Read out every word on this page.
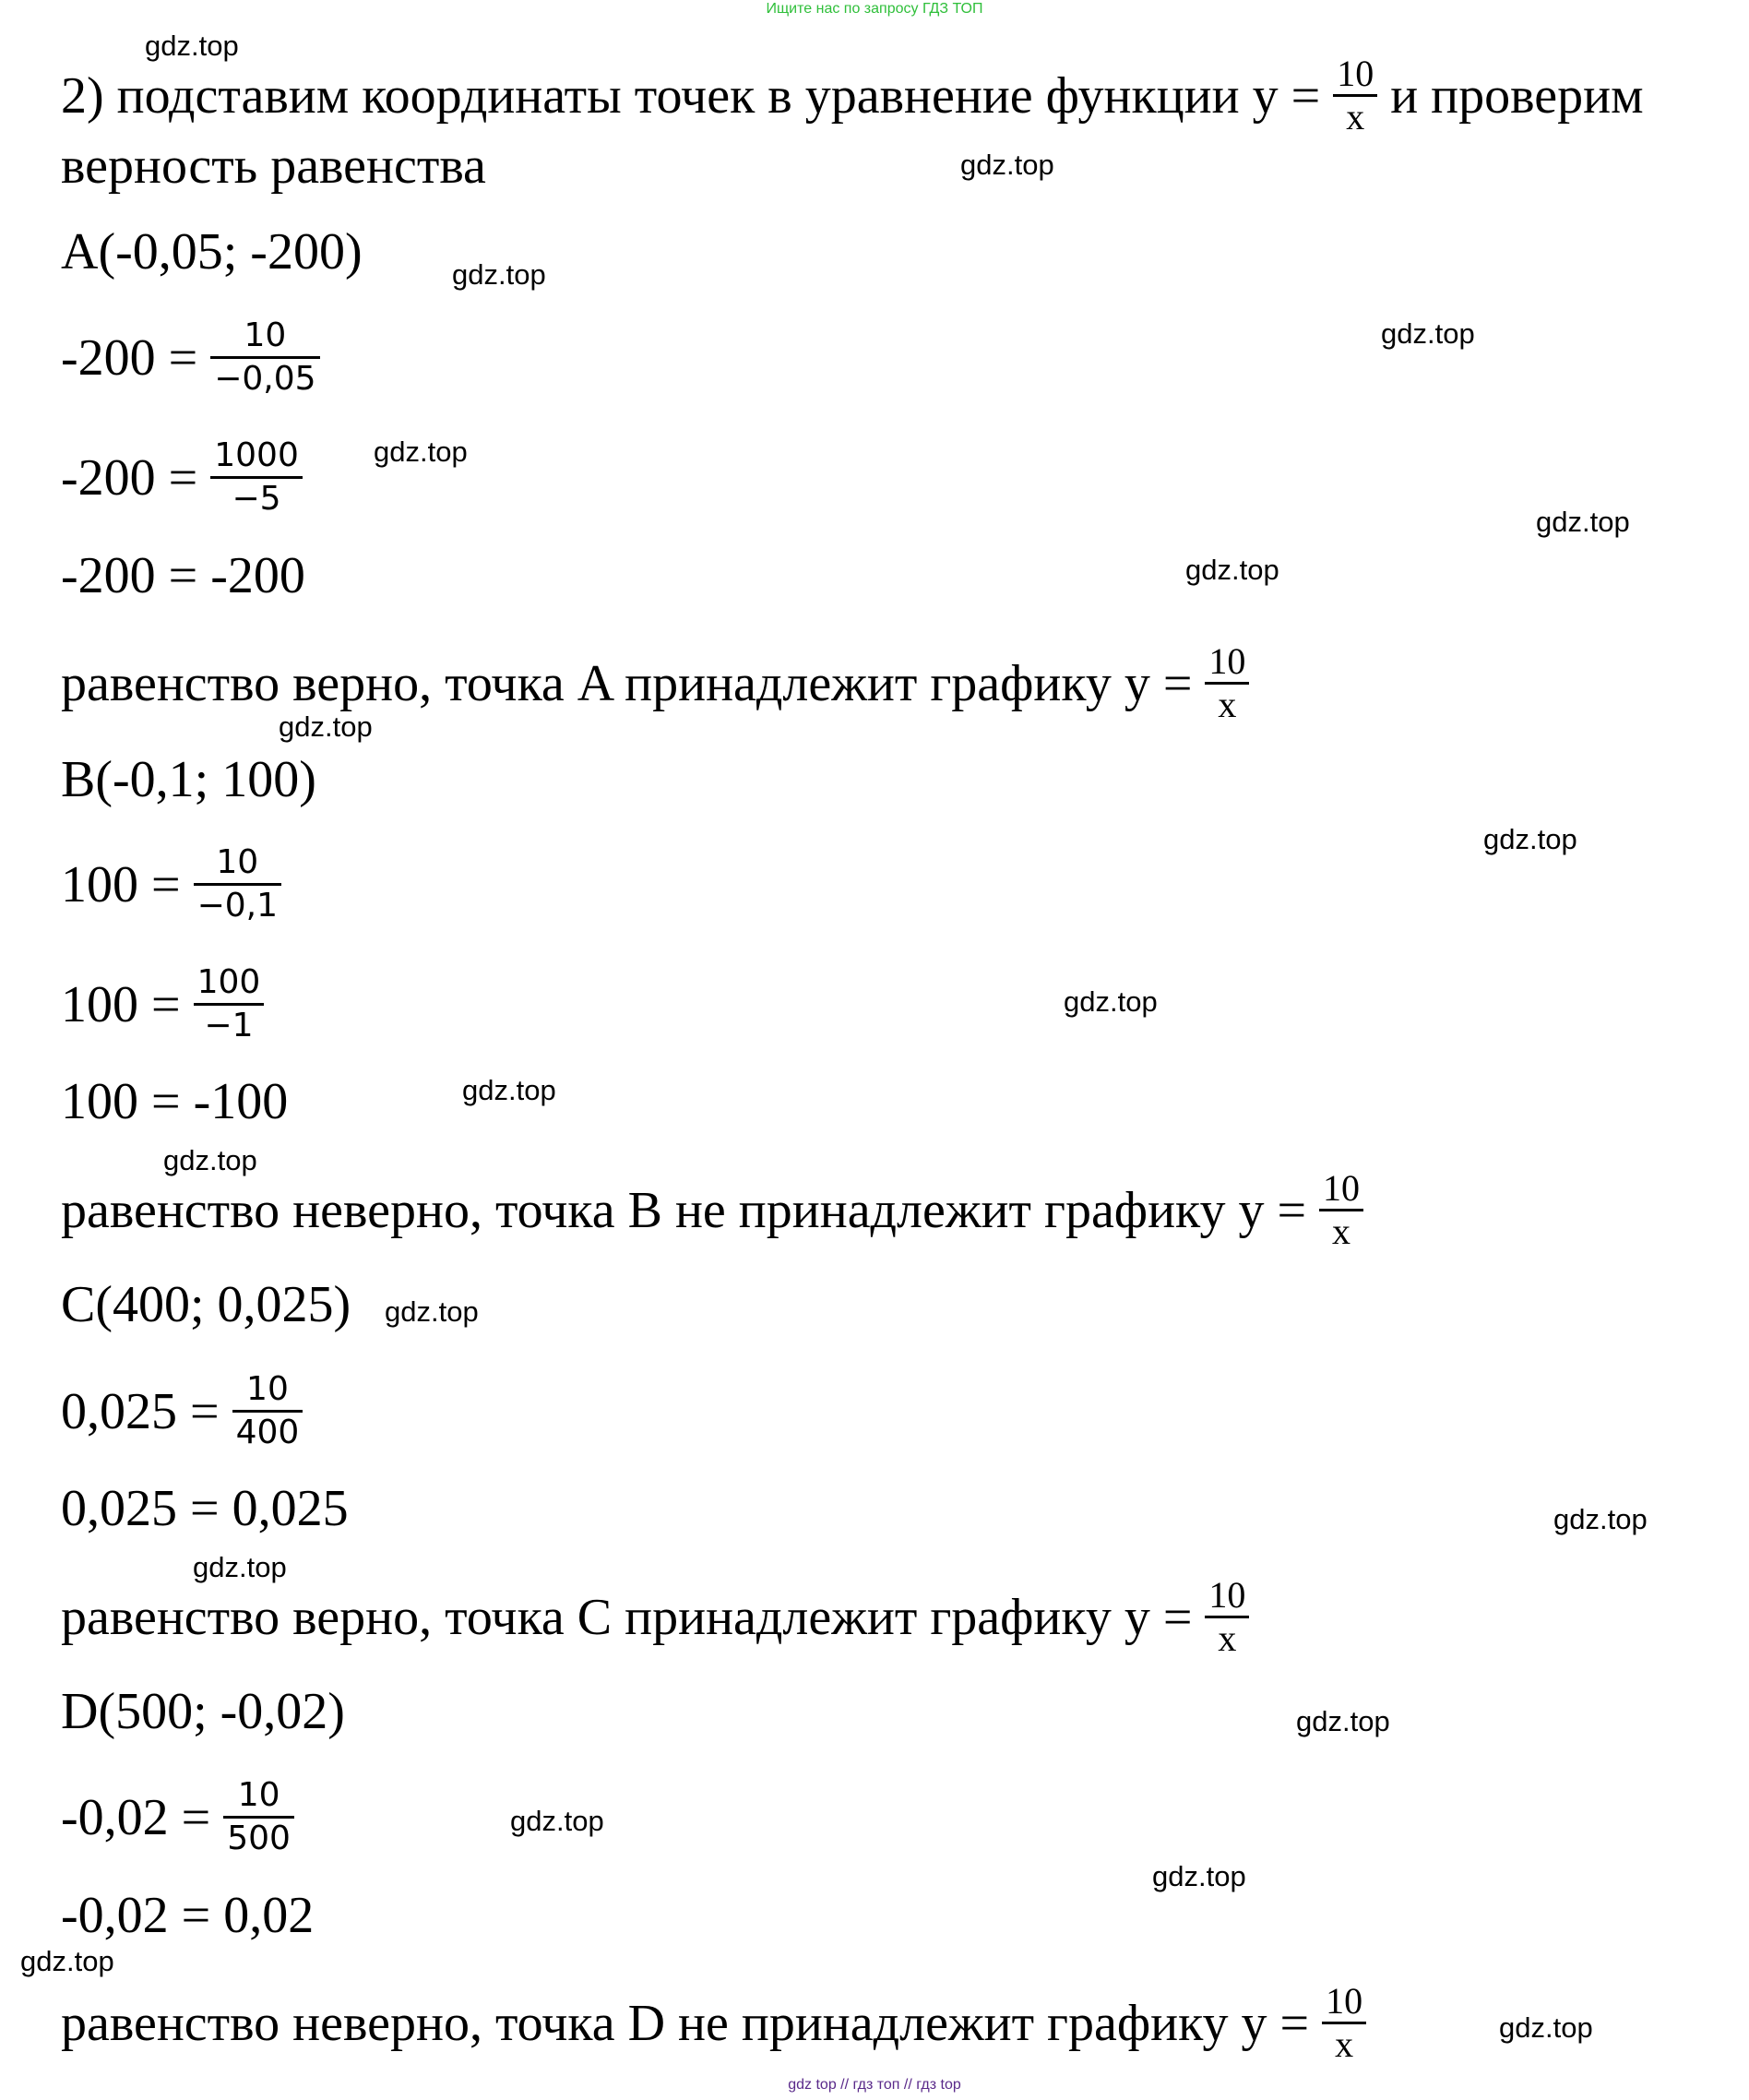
Ищите нас по запросу ГДЗ ТОП
2) подставим координаты точек в уравнение функции $y = \frac{10}{x}$ и проверим
верность равенства
A(-0,05; -200)
$-200 = \frac{10}{-0,05}$
$-200 = \frac{1000}{-5}$
-200 = -200
равенство верно, точка A принадлежит графику $y = \frac{10}{x}$
B(-0,1; 100)
$100 = \frac{10}{-0,1}$
$100 = \frac{100}{-1}$
100 = -100
равенство неверно, точка B не принадлежит графику $y = \frac{10}{x}$
C(400; 0,025)
$0,025 = \frac{10}{400}$
0,025 = 0,025
равенство верно, точка C принадлежит графику $y = \frac{10}{x}$
D(500; -0,02)
$-0,02 = \frac{10}{500}$
-0,02 = 0,02
равенство неверно, точка D не принадлежит графику $y = \frac{10}{x}$
gdz.top
gdz.top
gdz.top
gdz.top
gdz.top
gdz.top
gdz.top
gdz.top
gdz.top
gdz.top
gdz.top
gdz.top
gdz.top
gdz.top
gdz.top
gdz.top
gdz.top
gdz.top
gdz.top
gdz.top
gdz top // гдз топ // гдз top
